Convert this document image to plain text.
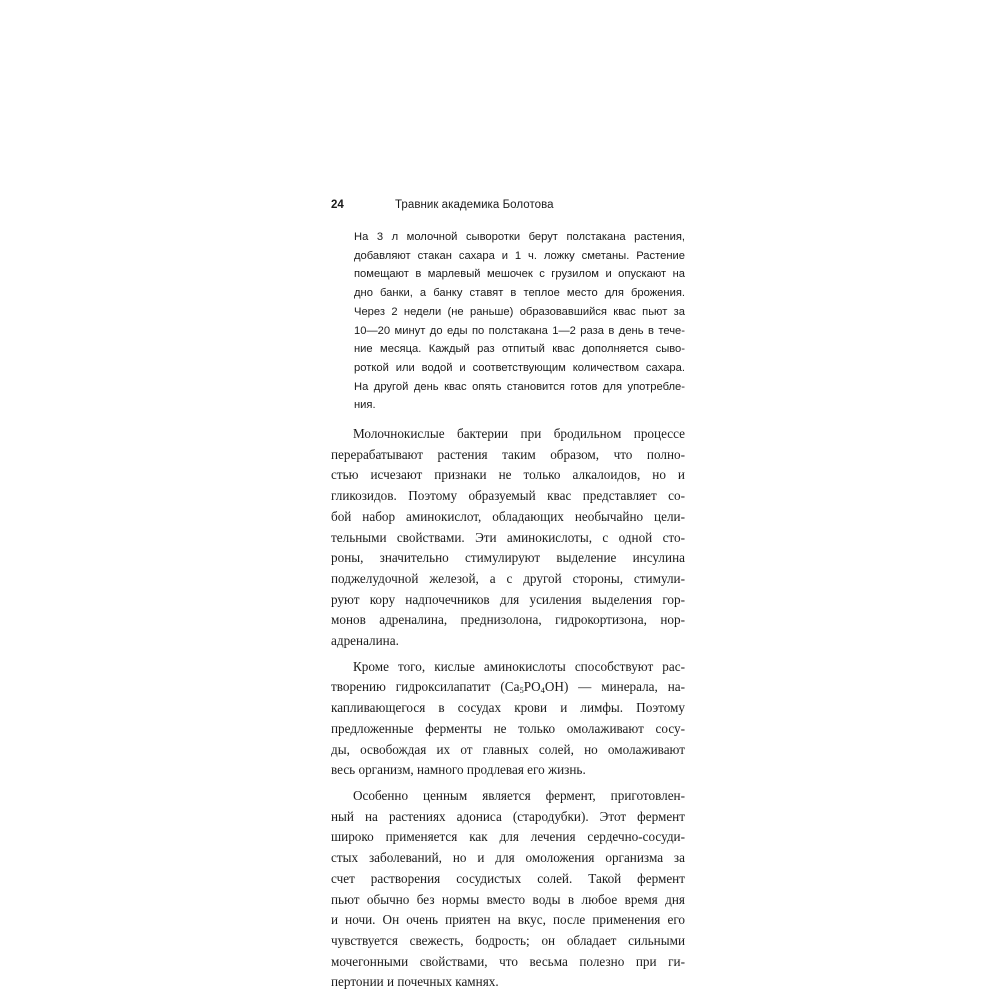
24	Травник академика Болотова
На 3 л молочной сыворотки берут полстакана растения,
добавляют стакан сахара и 1 ч. ложку сметаны. Растение
помещают в марлевый мешочек с грузилом и опускают на
дно банки, а банку ставят в теплое место для брожения.
Через 2 недели (не раньше) образовавшийся квас пьют за
10—20 минут до еды по полстакана 1—2 раза в день в тече-
ние месяца. Каждый раз отпитый квас дополняется сыво-
роткой или водой и соответствующим количеством сахара.
На другой день квас опять становится готов для употребле-
ния.
Молочнокислые бактерии при бродильном процессе
перерабатывают растения таким образом, что полно-
стью исчезают признаки не только алкалоидов, но и
гликозидов. Поэтому образуемый квас представляет со-
бой набор аминокислот, обладающих необычайно цели-
тельными свойствами. Эти аминокислоты, с одной сто-
роны, значительно стимулируют выделение инсулина
поджелудочной железой, а с другой стороны, стимули-
руют кору надпочечников для усиления выделения гор-
монов адреналина, преднизолона, гидрокортизона, нор-
адреналина.
Кроме того, кислые аминокислоты способствуют рас-
творению гидроксилапатит $(Ca_5PO_4OH)$ — минерала, на-
капливающегося в сосудах крови и лимфы. Поэтому
предложенные ферменты не только омолаживают сосу-
ды, освобождая их от главных солей, но омолаживают
весь организм, намного продлевая его жизнь.
Особенно ценным является фермент, приготовлен-
ный на растениях адониса (стародубки). Этот фермент
широко применяется как для лечения сердечно-сосуди-
стых заболеваний, но и для омоложения организма за
счет растворения сосудистых солей. Такой фермент
пьют обычно без нормы вместо воды в любое время дня
и ночи. Он очень приятен на вкус, после применения его
чувствуется свежесть, бодрость; он обладает сильными
мочегонными свойствами, что весьма полезно при ги-
пертонии и почечных камнях.
